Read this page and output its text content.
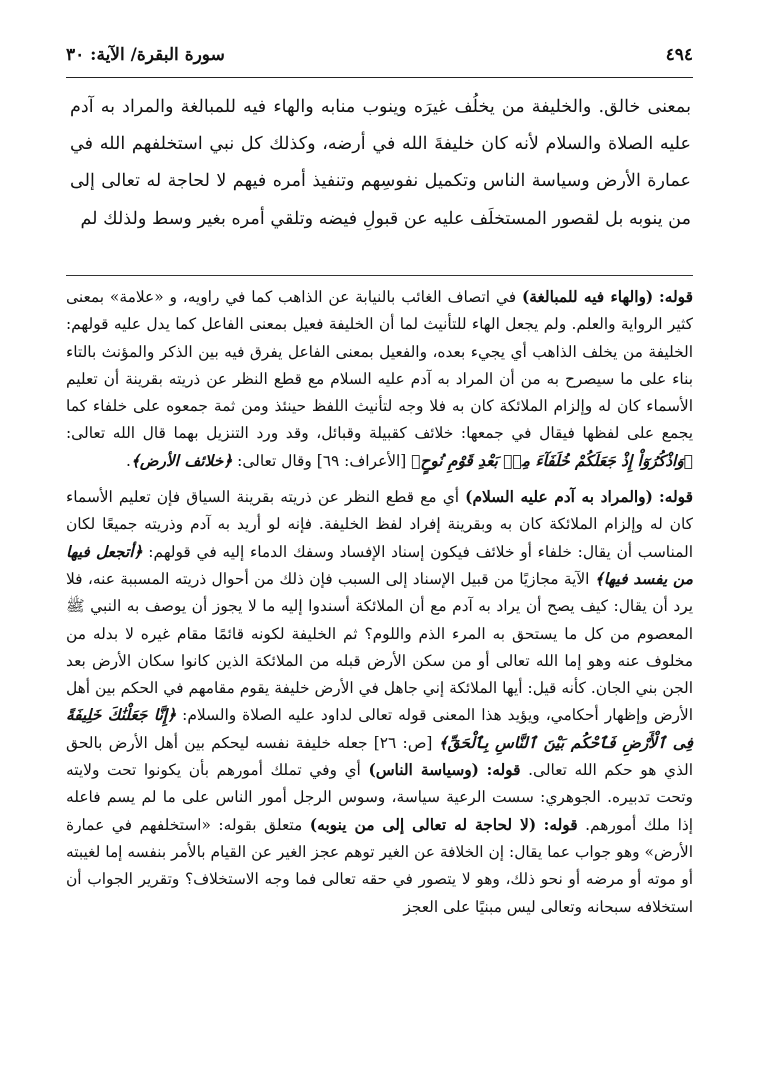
٤٩٤
سورة البقرة/ الآية: ٣٠

بمعنى خالق. والخليفة من يخلُف غيرَه وينوب منابه والهاء فيه للمبالغة والمراد به آدم عليه الصلاة والسلام لأنه كان خليفةَ الله في أرضه، وكذلك كل نبي استخلفهم الله في عمارة الأرض وسياسة الناس وتكميل نفوسِهم وتنفيذ أمره فيهم لا لحاجة له تعالى إلى من ينوبه بل لقصور المستخلَف عليه عن قبولِ فيضه وتلقي أمره بغير وسط ولذلك لم

قوله: (والهاء فيه للمبالغة) في اتصاف الغائب بالنيابة عن الذاهب كما في راويه، و «علامة» بمعنى كثير الرواية والعلم. ولم يجعل الهاء للتأنيث لما أن الخليفة فعيل بمعنى الفاعل كما يدل عليه قولهم: الخليفة من يخلف الذاهب أي يجيء بعده، والفعيل بمعنى الفاعل يفرق فيه بين الذكر والمؤنث بالتاء بناء على ما سيصرح به من أن المراد به آدم عليه السلام مع قطع النظر عن ذريته بقرينة أن تعليم الأسماء كان له وإلزام الملائكة كان به فلا وجه لتأنيث اللفظ حينئذ ومن ثمة جمعوه على خلفاء كما يجمع على لفظها فيقال في جمعها: خلائف كقبيلة وقبائل، وقد ورد التنزيل بهما قال الله تعالى: ﴿وَاذْكُرُوٓاْ إِذْ جَعَلَكُمْ خُلَفَآءَ مِنۢ بَعْدِ قَوْمِ نُوحٍ﴾ [الأعراف: ٦٩] وقال تعالى: ﴿خلائف الأرض﴾.

قوله: (والمراد به آدم عليه السلام) أي مع قطع النظر عن ذريته بقرينة السياق فإن تعليم الأسماء كان له وإلزام الملائكة كان به وبقرينة إفراد لفظ الخليفة. فإنه لو أريد به آدم وذريته جميعًا لكان المناسب أن يقال: خلفاء أو خلائف فيكون إسناد الإفساد وسفك الدماء إليه في قولهم: ﴿أتجعل فيها من يفسد فيها﴾ الآية مجازيًا من قبيل الإسناد إلى السبب فإن ذلك من أحوال ذريته المسببة عنه، فلا يرد أن يقال: كيف يصح أن يراد به آدم مع أن الملائكة أسندوا إليه ما لا يجوز أن يوصف به النبي ﷺ المعصوم من كل ما يستحق به المرء الذم واللوم؟ ثم الخليفة لكونه قائمًا مقام غيره لا بدله من مخلوف عنه وهو إما الله تعالى أو من سكن الأرض قبله من الملائكة الذين كانوا سكان الأرض بعد الجن بني الجان. كأنه قيل: أيها الملائكة إني جاهل في الأرض خليفة يقوم مقامهم في الحكم بين أهل الأرض وإظهار أحكامي، ويؤيد هذا المعنى قوله تعالى لداود عليه الصلاة والسلام: ﴿إِنَّا جَعَلْنَٰكَ خَلِيفَةً فِى ٱلْأَرْضِ فَٱحْكُم بَيْنَ ٱلنَّاسِ بِٱلْحَقِّ﴾ [ص: ٢٦] جعله خليفة نفسه ليحكم بين أهل الأرض بالحق الذي هو حكم الله تعالى. قوله: (وسياسة الناس) أي وفي تملك أمورهم بأن يكونوا تحت ولايته وتحت تدبيره. الجوهري: سست الرعية سياسة، وسوس الرجل أمور الناس على ما لم يسم فاعله إذا ملك أمورهم. قوله: (لا لحاجة له تعالى إلى من ينوبه) متعلق بقوله: «استخلفهم في عمارة الأرض» وهو جواب عما يقال: إن الخلافة عن الغير توهم عجز الغير عن القيام بالأمر بنفسه إما لغيبته أو موته أو مرضه أو نحو ذلك، وهو لا يتصور في حقه تعالى فما وجه الاستخلاف؟ وتقرير الجواب أن استخلافه سبحانه وتعالى ليس مبنيًا على العجز
